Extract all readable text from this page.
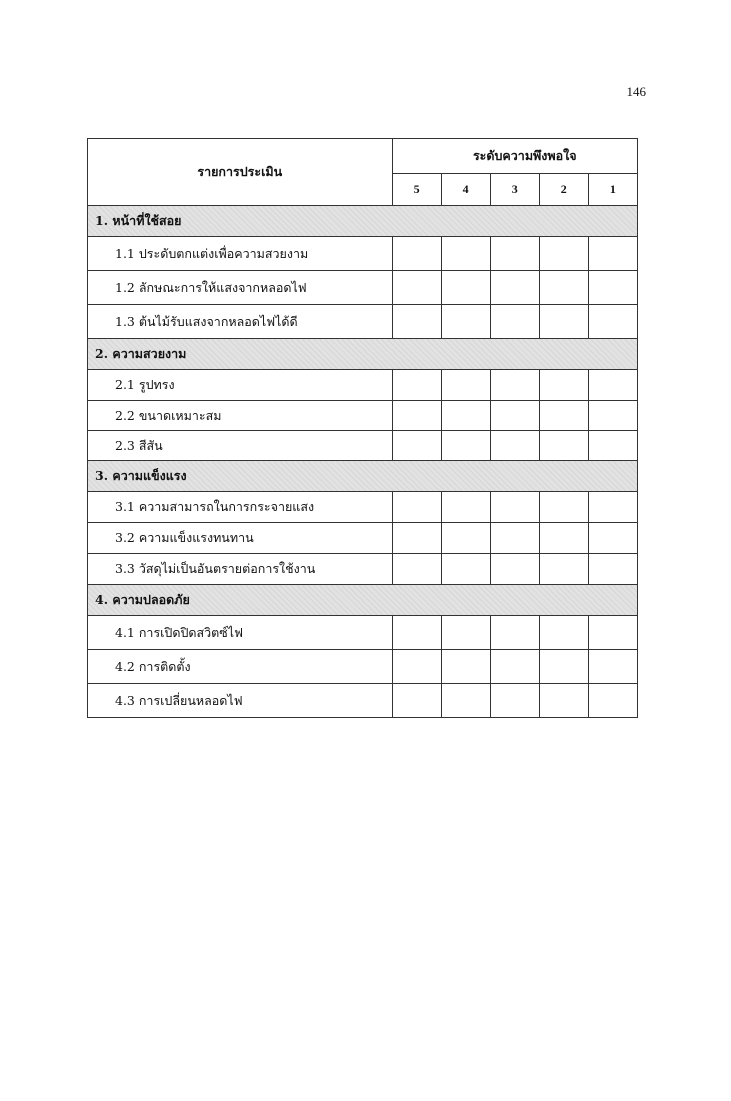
146
รายการประเมิน	ระดับความพึงพอใจ				
	5	4	3	2	1
1. หน้าที่ใช้สอย					
1.1 ประดับตกแต่งเพื่อความสวยงาม					
1.2 ลักษณะการให้แสงจากหลอดไฟ					
1.3 ต้นไม้รับแสงจากหลอดไฟได้ดี					
2. ความสวยงาม					
2.1 รูปทรง					
2.2 ขนาดเหมาะสม					
2.3 สีสัน					
3. ความแข็งแรง					
3.1 ความสามารถในการกระจายแสง					
3.2 ความแข็งแรงทนทาน					
3.3 วัสดุไม่เป็นอันตรายต่อการใช้งาน					
4. ความปลอดภัย					
4.1 การเปิดปิดสวิตซ์ไฟ					
4.2 การติดตั้ง					
4.3 การเปลี่ยนหลอดไฟ					
